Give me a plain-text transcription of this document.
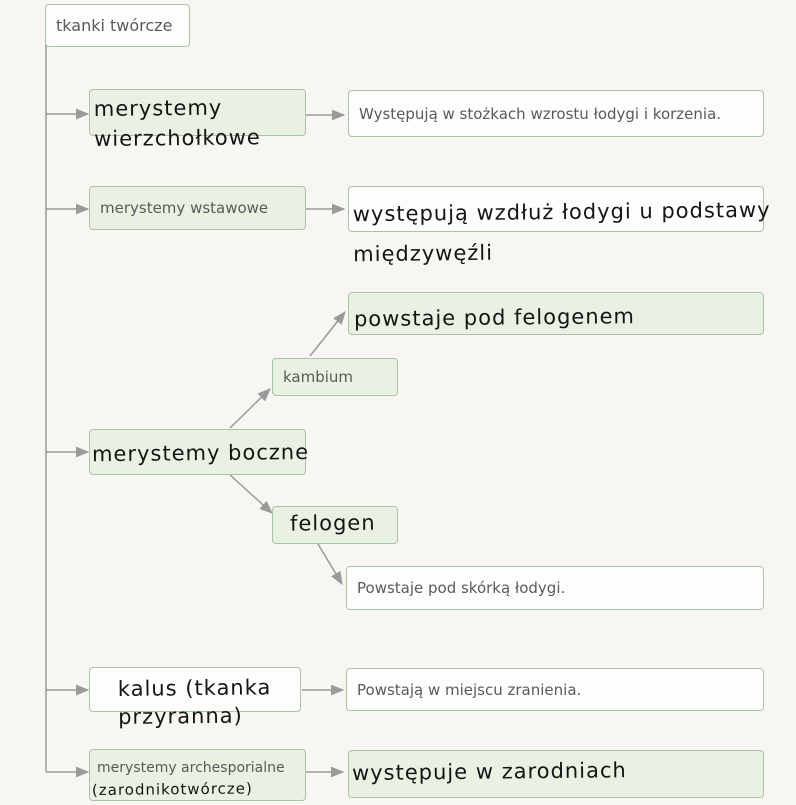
tkanki twórcze
merystemy wierzchołkowe
Występują w stożkach wzrostu łodygi i korzenia.
merystemy wstawowe	występują wzdłuż łodygi u podstawy międzywęźli
merystemy boczne
kambium
powstaje pod felogenem
felogen
Powstaje pod skórką łodygi.
kalus (tkanka przyranna)
Powstają w miejscu zranienia.
merystemy archesporialne
(zarodnikotwórcze)
występuje w zarodniach
